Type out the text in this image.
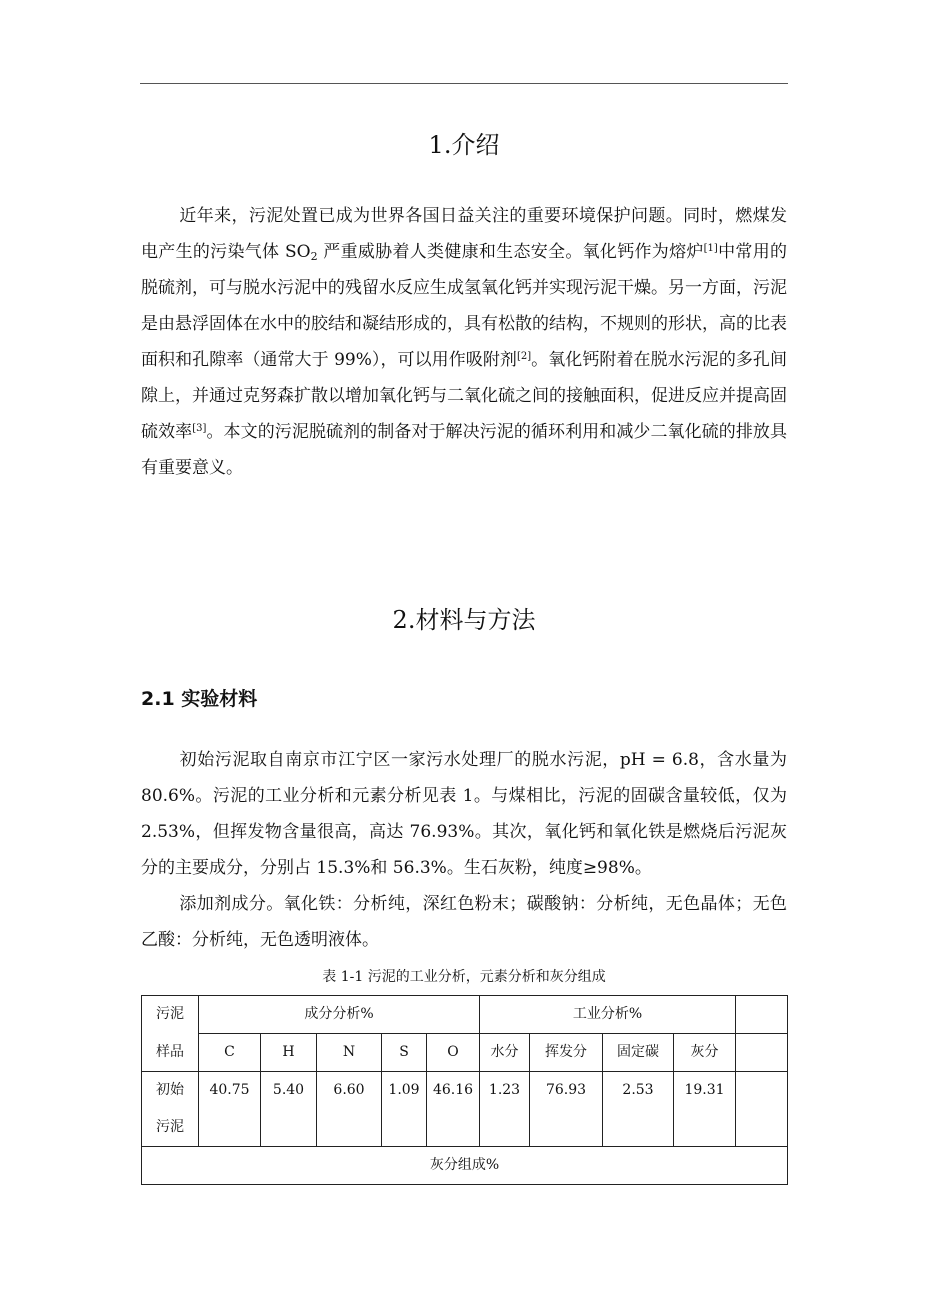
1.介绍

近年来，污泥处置已成为世界各国日益关注的重要环境保护问题。同时，燃煤发电产生的污染气体 $SO_2$ 严重威胁着人类健康和生态安全。氧化钙作为熔炉[1]中常用的脱硫剂，可与脱水污泥中的残留水反应生成氢氧化钙并实现污泥干燥。另一方面，污泥是由悬浮固体在水中的胶结和凝结形成的，具有松散的结构，不规则的形状，高的比表面积和孔隙率（通常大于 99%），可以用作吸附剂[2]。氧化钙附着在脱水污泥的多孔间隙上，并通过克努森扩散以增加氧化钙与二氧化硫之间的接触面积，促进反应并提高固硫效率[3]。本文的污泥脱硫剂的制备对于解决污泥的循环利用和减少二氧化硫的排放具有重要意义。

2.材料与方法
2.1 实验材料

初始污泥取自南京市江宁区一家污水处理厂的脱水污泥，pH = 6.8，含水量为 80.6%。污泥的工业分析和元素分析见表 1。与煤相比，污泥的固碳含量较低，仅为 2.53%，但挥发物含量很高，高达 76.93%。其次，氧化钙和氧化铁是燃烧后污泥灰分的主要成分，分别占 15.3%和 56.3%。生石灰粉，纯度≥98%。

添加剂成分。氧化铁：分析纯，深红色粉末；碳酸钠：分析纯，无色晶体；无色乙酸：分析纯，无色透明液体。

表 1-1 污泥的工业分析，元素分析和灰分组成
污泥	成分分析%					工业分析%				
样品	C	H	N	S	O	水分	挥发分	固定碳	灰分	
初始
污泥	40.75	5.40	6.60	1.09	46.16	1.23	76.93	2.53	19.31	
灰分组成%										
